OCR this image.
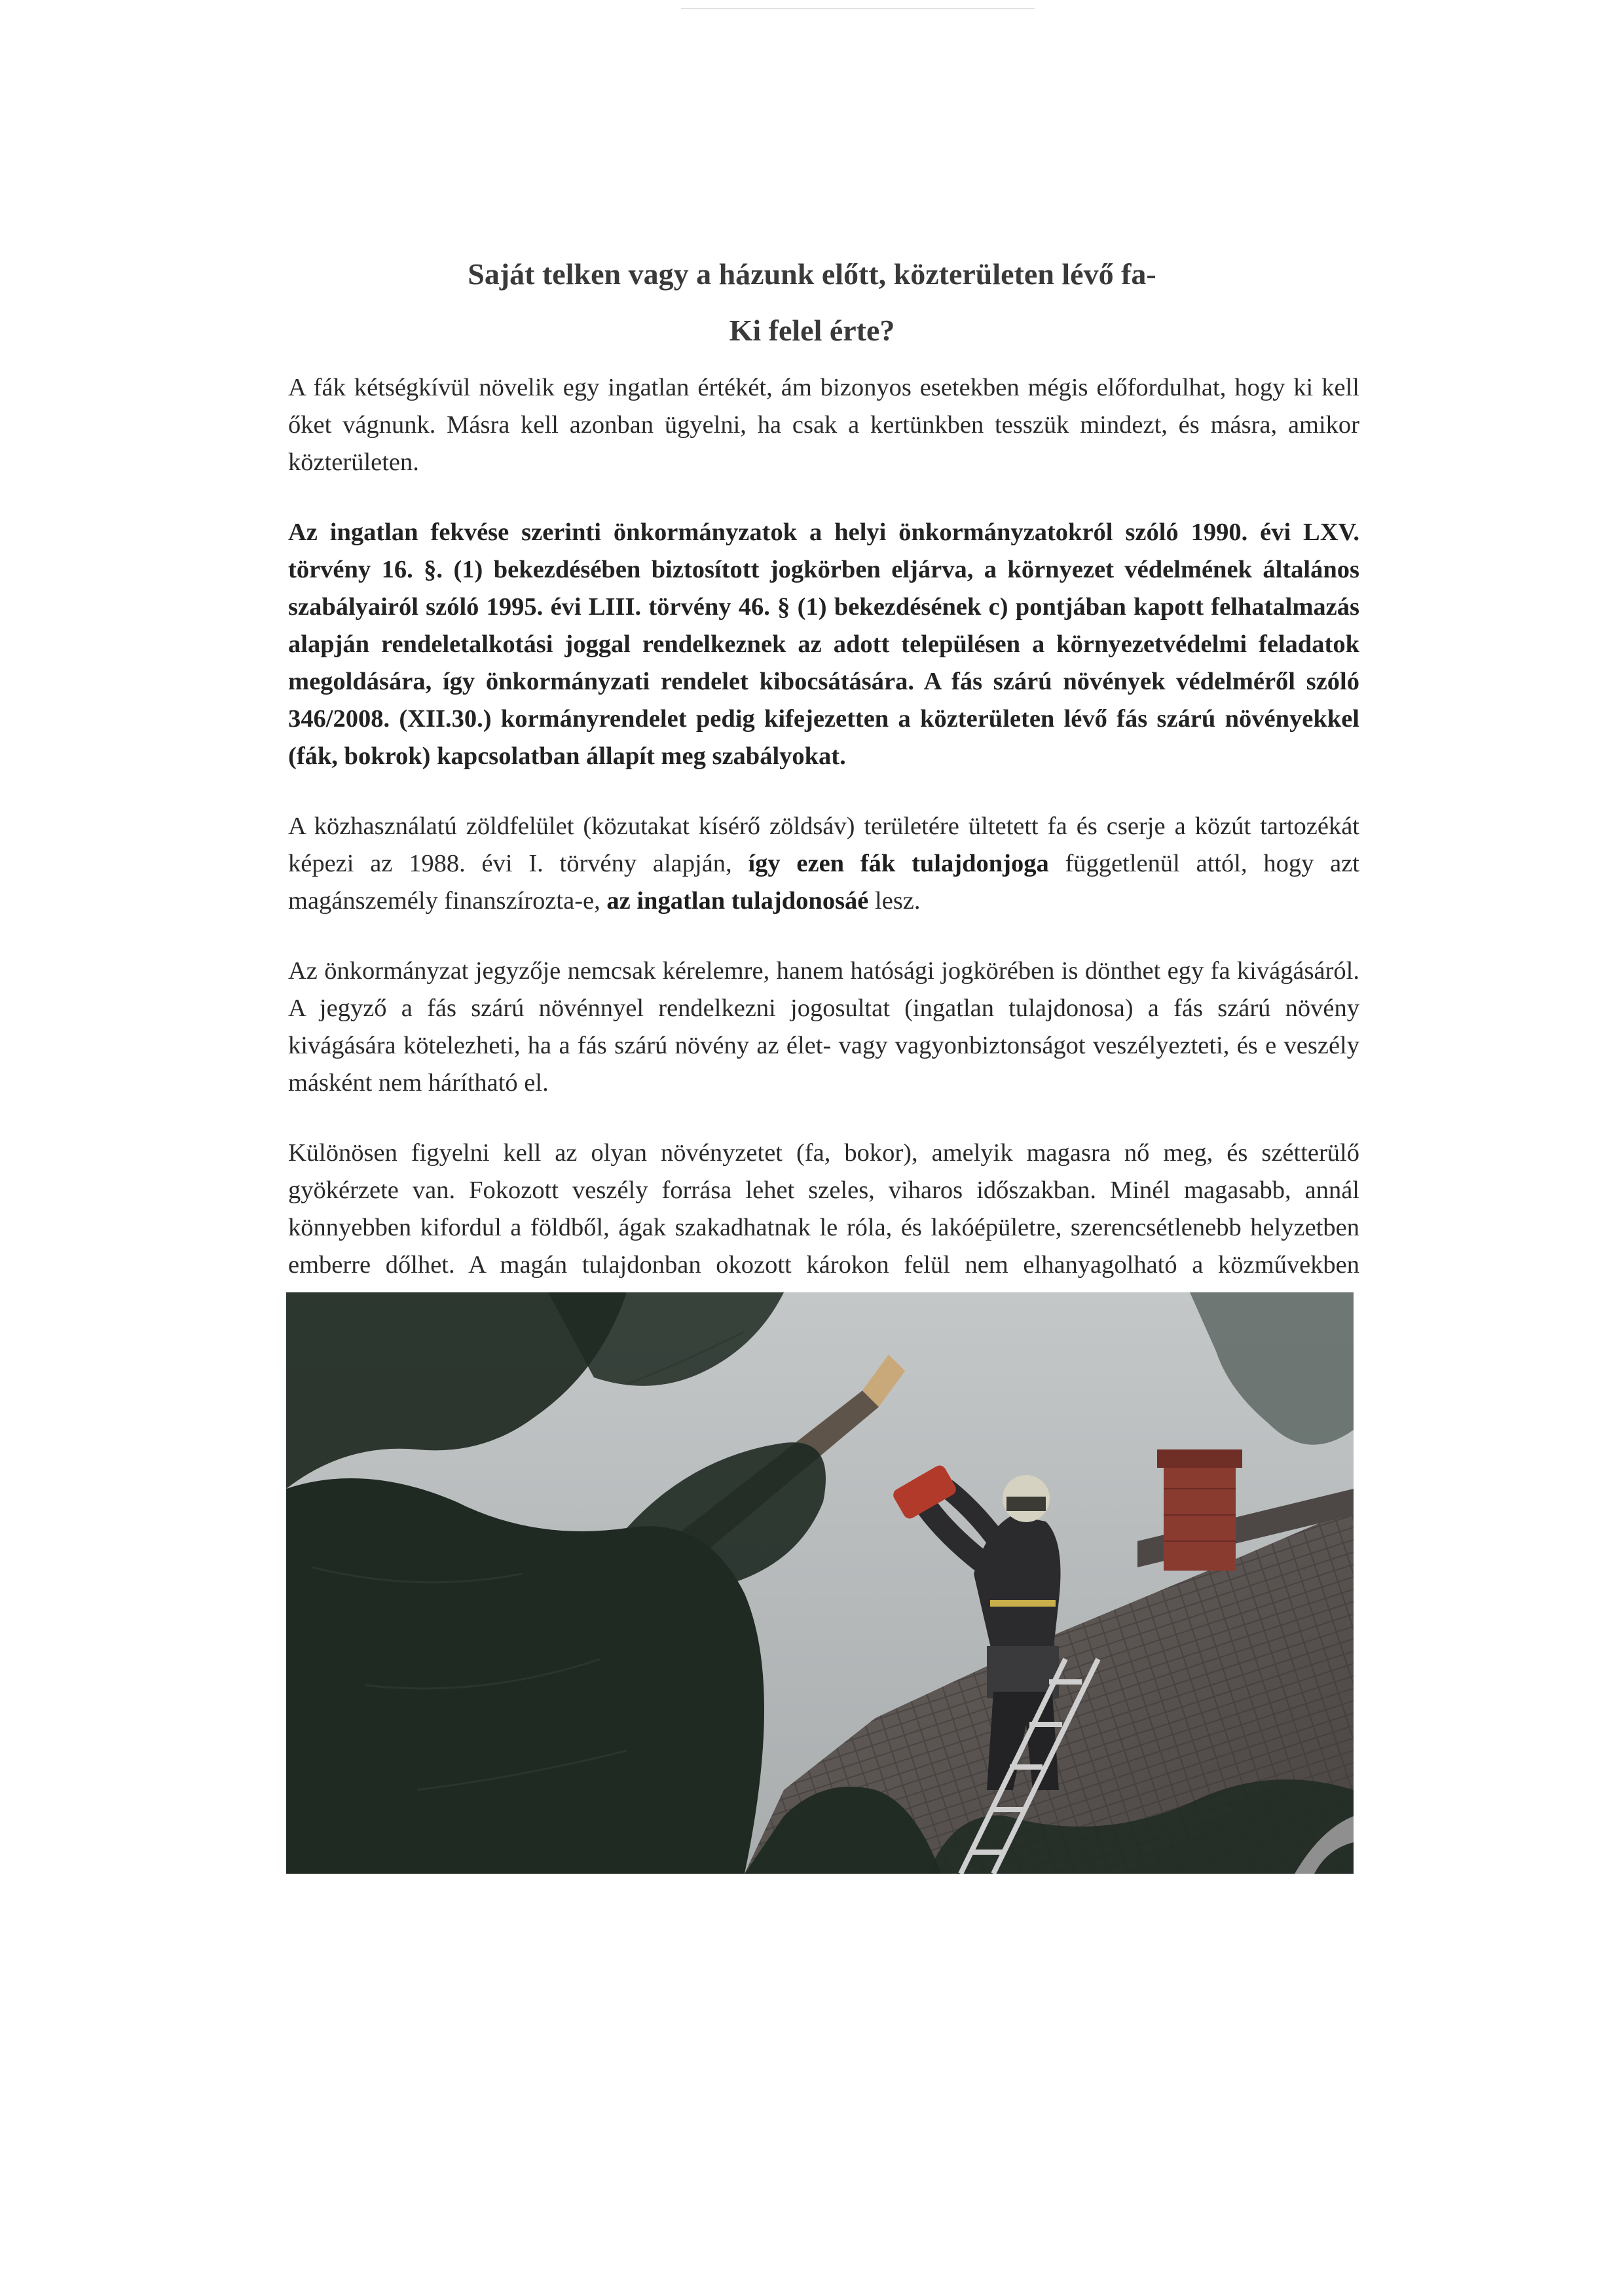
Saját telken vagy a házunk előtt, közterületen lévő fa-
Ki felel érte?

A fák kétségkívül növelik egy ingatlan értékét, ám bizonyos esetekben mégis előfordulhat, hogy ki kell őket vágnunk. Másra kell azonban ügyelni, ha csak a kertünkben tesszük mindezt, és másra, amikor közterületen.

Az ingatlan fekvése szerinti önkormányzatok a helyi önkormányzatokról szóló 1990. évi LXV. törvény 16. §. (1) bekezdésében biztosított jogkörben eljárva, a környezet védelmének általános szabályairól szóló 1995. évi LIII. törvény 46. § (1) bekezdésének c) pontjában kapott felhatalmazás alapján rendeletalkotási joggal rendelkeznek az adott településen a környezetvédelmi feladatok megoldására, így önkormányzati rendelet kibocsátására. A fás szárú növények védelméről szóló 346/2008. (XII.30.) kormányrendelet pedig kifejezetten a közterületen lévő fás szárú növényekkel (fák, bokrok) kapcsolatban állapít meg szabályokat.

A közhasználatú zöldfelület (közutakat kísérő zöldsáv) területére ültetett fa és cserje a közút tartozékát képezi az 1988. évi I. törvény alapján, így ezen fák tulajdonjoga függetlenül attól, hogy azt magánszemély finanszírozta-e, az ingatlan tulajdonosáé lesz.

Az önkormányzat jegyzője nemcsak kérelemre, hanem hatósági jogkörében is dönthet egy fa kivágásáról. A jegyző a fás szárú növénnyel rendelkezni jogosultat (ingatlan tulajdonosa) a fás szárú növény kivágására kötelezheti, ha a fás szárú növény az élet- vagy vagyonbiztonságot veszélyezteti, és e veszély másként nem hárítható el.

Különösen figyelni kell az olyan növényzetet (fa, bokor), amelyik magasra nő meg, és szétterülő gyökérzete van. Fokozott veszély forrása lehet szeles, viharos időszakban. Minél magasabb, annál könnyebben kifordul a földből, ágak szakadhatnak le róla, és lakóépületre, szerencsétlenebb helyzetben emberre dőlhet. A magán tulajdonban okozott károkon felül nem elhanyagolható a közművekben
